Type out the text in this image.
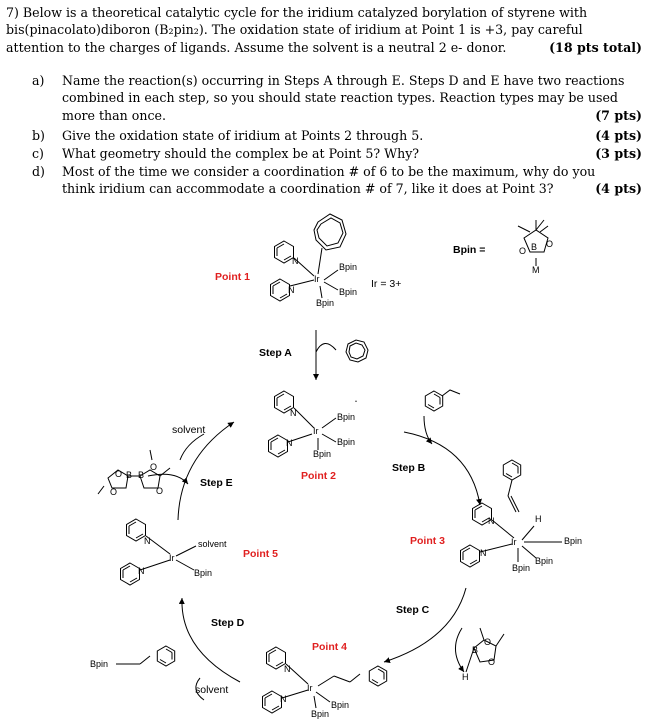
7) Below is a theoretical catalytic cycle for the iridium catalyzed borylation of styrene with
bis(pinacolato)diboron (B₂pin₂). The oxidation state of iridium at Point 1 is +3, pay careful
attention to the charges of ligands. Assume the solvent is a neutral 2 e- donor.	(18 pts total)
a) Name the reaction(s) occurring in Steps A through E. Steps D and E have two reactions
combined in each step, so you should state reaction types. Reaction types may be used
more than once.	(7 pts)
b) Give the oxidation state of iridium at Points 2 through 5.	(4 pts)
c) What geometry should the complex be at Point 5? Why?	(3 pts)
d) Most of the time we consider a coordination # of 6 to be the maximum, why do you
think iridium can accommodate a coordination # of 7, like it does at Point 3?	(4 pts)
Point 1
Point 2
Point 3
Point 4
Point 5
Step A
Step B
Step C
Step D
Step E
Ir = 3+
Bpin =	B
O
O
M
N
N
Ir
Bpin
Bpin
Bpin
N
N
Ir
Bpin
Bpin
Bpin
solvent
O B B
O
O	O
N
N
Ir
H
Bpin
Bpin
Bpin
B
O
O
H
N
N
Ir
Bpin
Bpin
Bpin
solvent
N
N
Ir
solvent
Bpin
